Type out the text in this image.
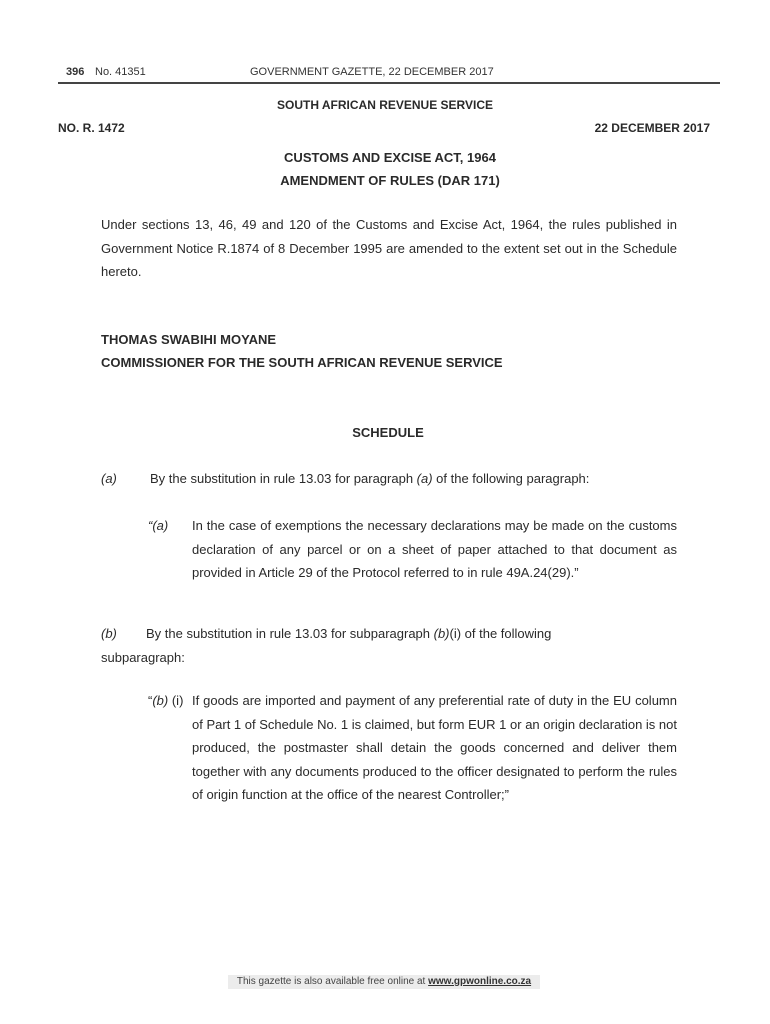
396 No. 41351	GOVERNMENT GAZETTE, 22 DECEMBER 2017
SOUTH AFRICAN REVENUE SERVICE
NO. R. 1472	22 DECEMBER 2017
CUSTOMS AND EXCISE ACT, 1964
AMENDMENT OF RULES (DAR 171)
Under sections 13, 46, 49 and 120 of the Customs and Excise Act, 1964, the rules published in Government Notice R.1874 of 8 December 1995 are amended to the extent set out in the Schedule hereto.
THOMAS SWABIHI MOYANE
COMMISSIONER FOR THE SOUTH AFRICAN REVENUE SERVICE
SCHEDULE
(a)	By the substitution in rule 13.03 for paragraph (a) of the following paragraph:
“(a) In the case of exemptions the necessary declarations may be made on the customs declaration of any parcel or on a sheet of paper attached to that document as provided in Article 29 of the Protocol referred to in rule 49A.24(29).”
(b) By the substitution in rule 13.03 for subparagraph (b)(i) of the following
subparagraph:
“(b) (i) If goods are imported and payment of any preferential rate of duty in the EU column of Part 1 of Schedule No. 1 is claimed, but form EUR 1 or an origin declaration is not produced, the postmaster shall detain the goods concerned and deliver them together with any documents produced to the officer designated to perform the rules of origin function at the office of the nearest Controller;”
This gazette is also available free online at www.gpwonline.co.za
